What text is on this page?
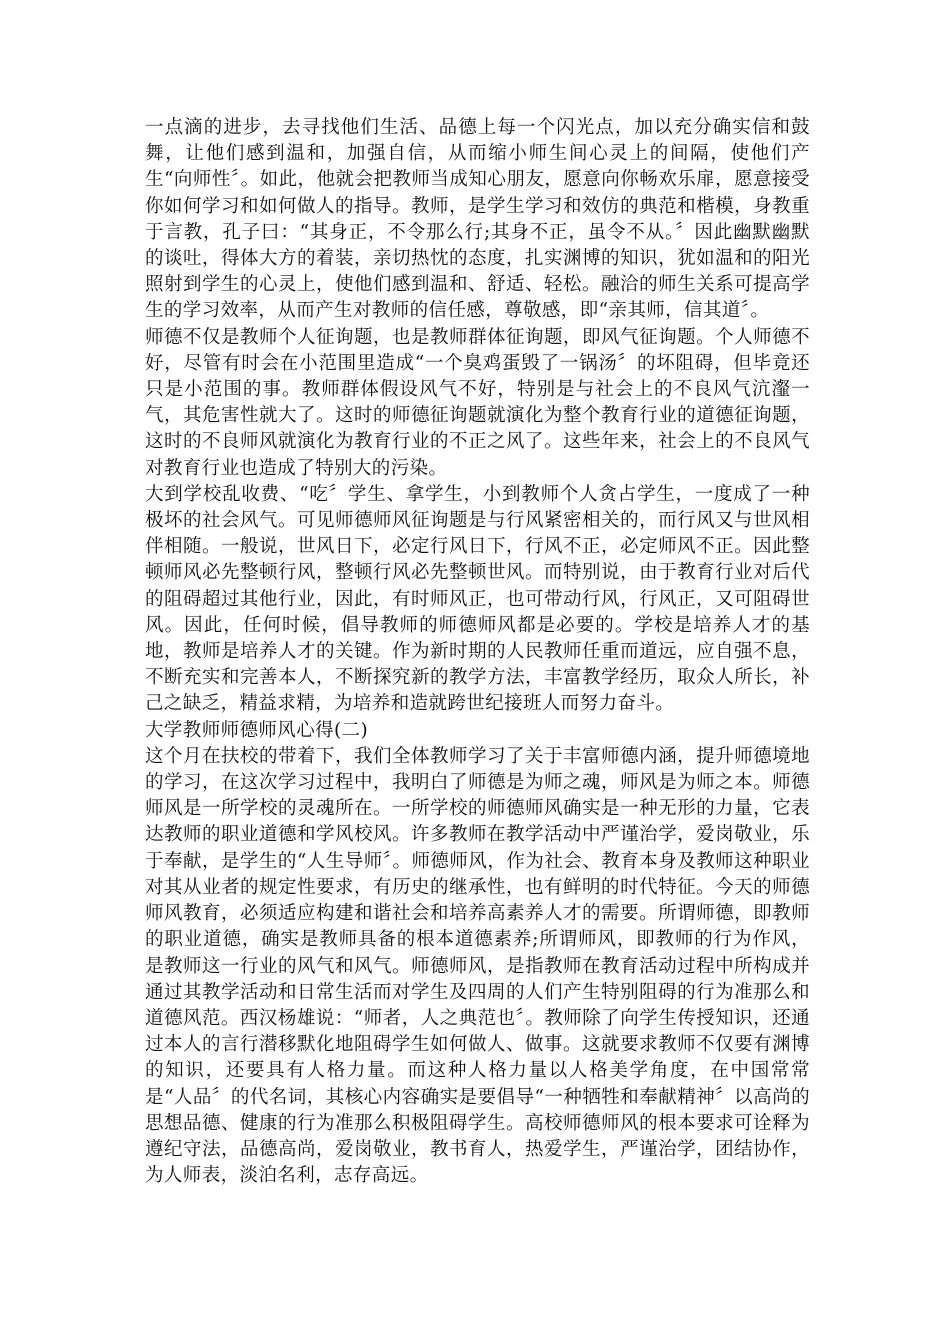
一点滴的进步，去寻找他们生活、品德上每一个闪光点，加以充分确实信和鼓舞，让他们感到温和，加强自信，从而缩小师生间心灵上的间隔，使他们产生“向师性〞。如此，他就会把教师当成知心朋友，愿意向你畅欢乐扉，愿意接受你如何学习和如何做人的指导。教师，是学生学习和效仿的典范和楷模，身教重于言教，孔子曰：“其身正，不令那么行;其身不正，虽令不从。〞因此幽默幽默的谈吐，得体大方的着装，亲切热忱的态度，扎实渊博的知识，犹如温和的阳光照射到学生的心灵上，使他们感到温和、舒适、轻松。融洽的师生关系可提高学生的学习效率，从而产生对教师的信任感，尊敬感，即“亲其师，信其道〞。

师德不仅是教师个人征询题，也是教师群体征询题，即风气征询题。个人师德不好，尽管有时会在小范围里造成“一个臭鸡蛋毁了一锅汤〞的坏阻碍，但毕竟还只是小范围的事。教师群体假设风气不好，特别是与社会上的不良风气沆瀣一气，其危害性就大了。这时的师德征询题就演化为整个教育行业的道德征询题，这时的不良师风就演化为教育行业的不正之风了。这些年来，社会上的不良风气对教育行业也造成了特别大的污染。

大到学校乱收费、“吃〞学生、拿学生，小到教师个人贪占学生，一度成了一种极坏的社会风气。可见师德师风征询题是与行风紧密相关的，而行风又与世风相伴相随。一般说，世风日下，必定行风日下，行风不正，必定师风不正。因此整顿师风必先整顿行风，整顿行风必先整顿世风。而特别说，由于教育行业对后代的阻碍超过其他行业，因此，有时师风正，也可带动行风，行风正，又可阻碍世风。因此，任何时候，倡导教师的师德师风都是必要的。学校是培养人才的基地，教师是培养人才的关键。作为新时期的人民教师任重而道远，应自强不息，不断充实和完善本人，不断探究新的教学方法，丰富教学经历，取众人所长，补己之缺乏，精益求精，为培养和造就跨世纪接班人而努力奋斗。

大学教师师德师风心得(二)

这个月在扶校的带着下，我们全体教师学习了关于丰富师德内涵，提升师德境地的学习，在这次学习过程中，我明白了师德是为师之魂，师风是为师之本。师德师风是一所学校的灵魂所在。一所学校的师德师风确实是一种无形的力量，它表达教师的职业道德和学风校风。许多教师在教学活动中严谨治学，爱岗敬业，乐于奉献，是学生的“人生导师〞。师德师风，作为社会、教育本身及教师这种职业对其从业者的规定性要求，有历史的继承性，也有鲜明的时代特征。今天的师德师风教育，必须适应构建和谐社会和培养高素养人才的需要。所谓师德，即教师的职业道德，确实是教师具备的根本道德素养;所谓师风，即教师的行为作风，是教师这一行业的风气和风气。师德师风，是指教师在教育活动过程中所构成并通过其教学活动和日常生活而对学生及四周的人们产生特别阻碍的行为准那么和道德风范。西汉杨雄说：“师者，人之典范也〞。教师除了向学生传授知识，还通过本人的言行潜移默化地阻碍学生如何做人、做事。这就要求教师不仅要有渊博的知识，还要具有人格力量。而这种人格力量以人格美学角度，在中国常常是“人品〞的代名词，其核心内容确实是要倡导“一种牺牲和奉献精神〞以高尚的思想品德、健康的行为准那么积极阻碍学生。高校师德师风的根本要求可诠释为遵纪守法，品德高尚，爱岗敬业，教书育人，热爱学生，严谨治学，团结协作，为人师表，淡泊名利，志存高远。
